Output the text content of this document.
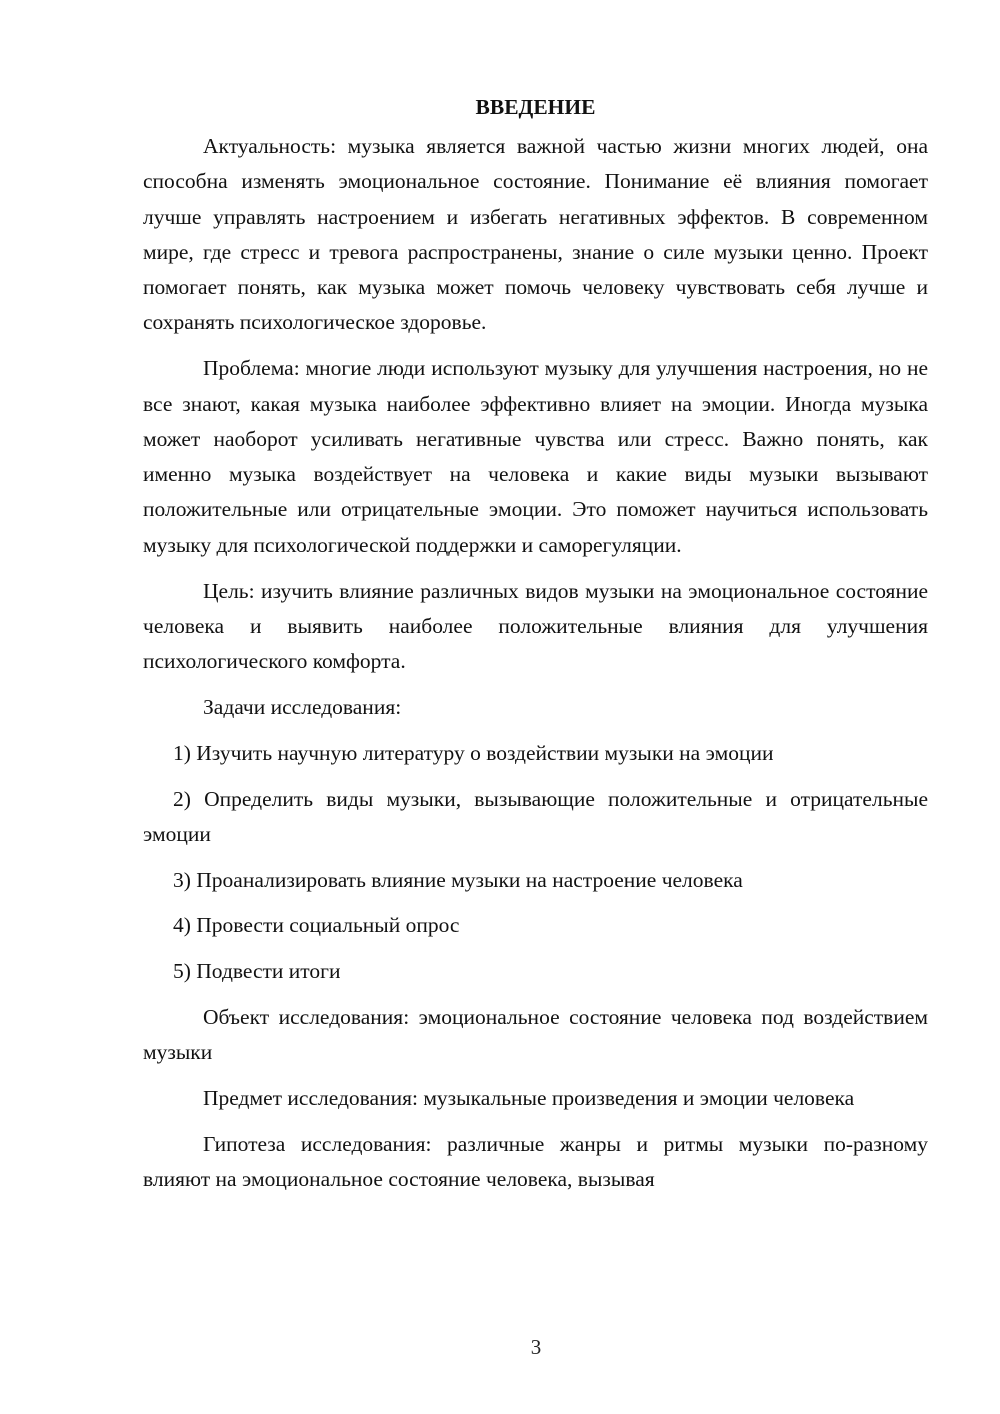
ВВЕДЕНИЕ

Актуальность: музыка является важной частью жизни многих людей, она способна изменять эмоциональное состояние. Понимание её влияния помогает лучше управлять настроением и избегать негативных эффектов. В современном мире, где стресс и тревога распространены, знание о силе музыки ценно. Проект помогает понять, как музыка может помочь человеку чувствовать себя лучше и сохранять психологическое здоровье.

Проблема: многие люди используют музыку для улучшения настроения, но не все знают, какая музыка наиболее эффективно влияет на эмоции. Иногда музыка может наоборот усиливать негативные чувства или стресс. Важно понять, как именно музыка воздействует на человека и какие виды музыки вызывают положительные или отрицательные эмоции. Это поможет научиться использовать музыку для психологической поддержки и саморегуляции.

Цель: изучить влияние различных видов музыки на эмоциональное состояние человека и выявить наиболее положительные влияния для улучшения психологического комфорта.

Задачи исследования:

1) Изучить научную литературу о воздействии музыки на эмоции

2) Определить виды музыки, вызывающие положительные и отрицательные эмоции

3) Проанализировать влияние музыки на настроение человека

4) Провести социальный опрос

5) Подвести итоги

Объект исследования: эмоциональное состояние человека под воздействием музыки

Предмет исследования: музыкальные произведения и эмоции человека

Гипотеза исследования: различные жанры и ритмы музыки по-разному влияют на эмоциональное состояние человека, вызывая

3
